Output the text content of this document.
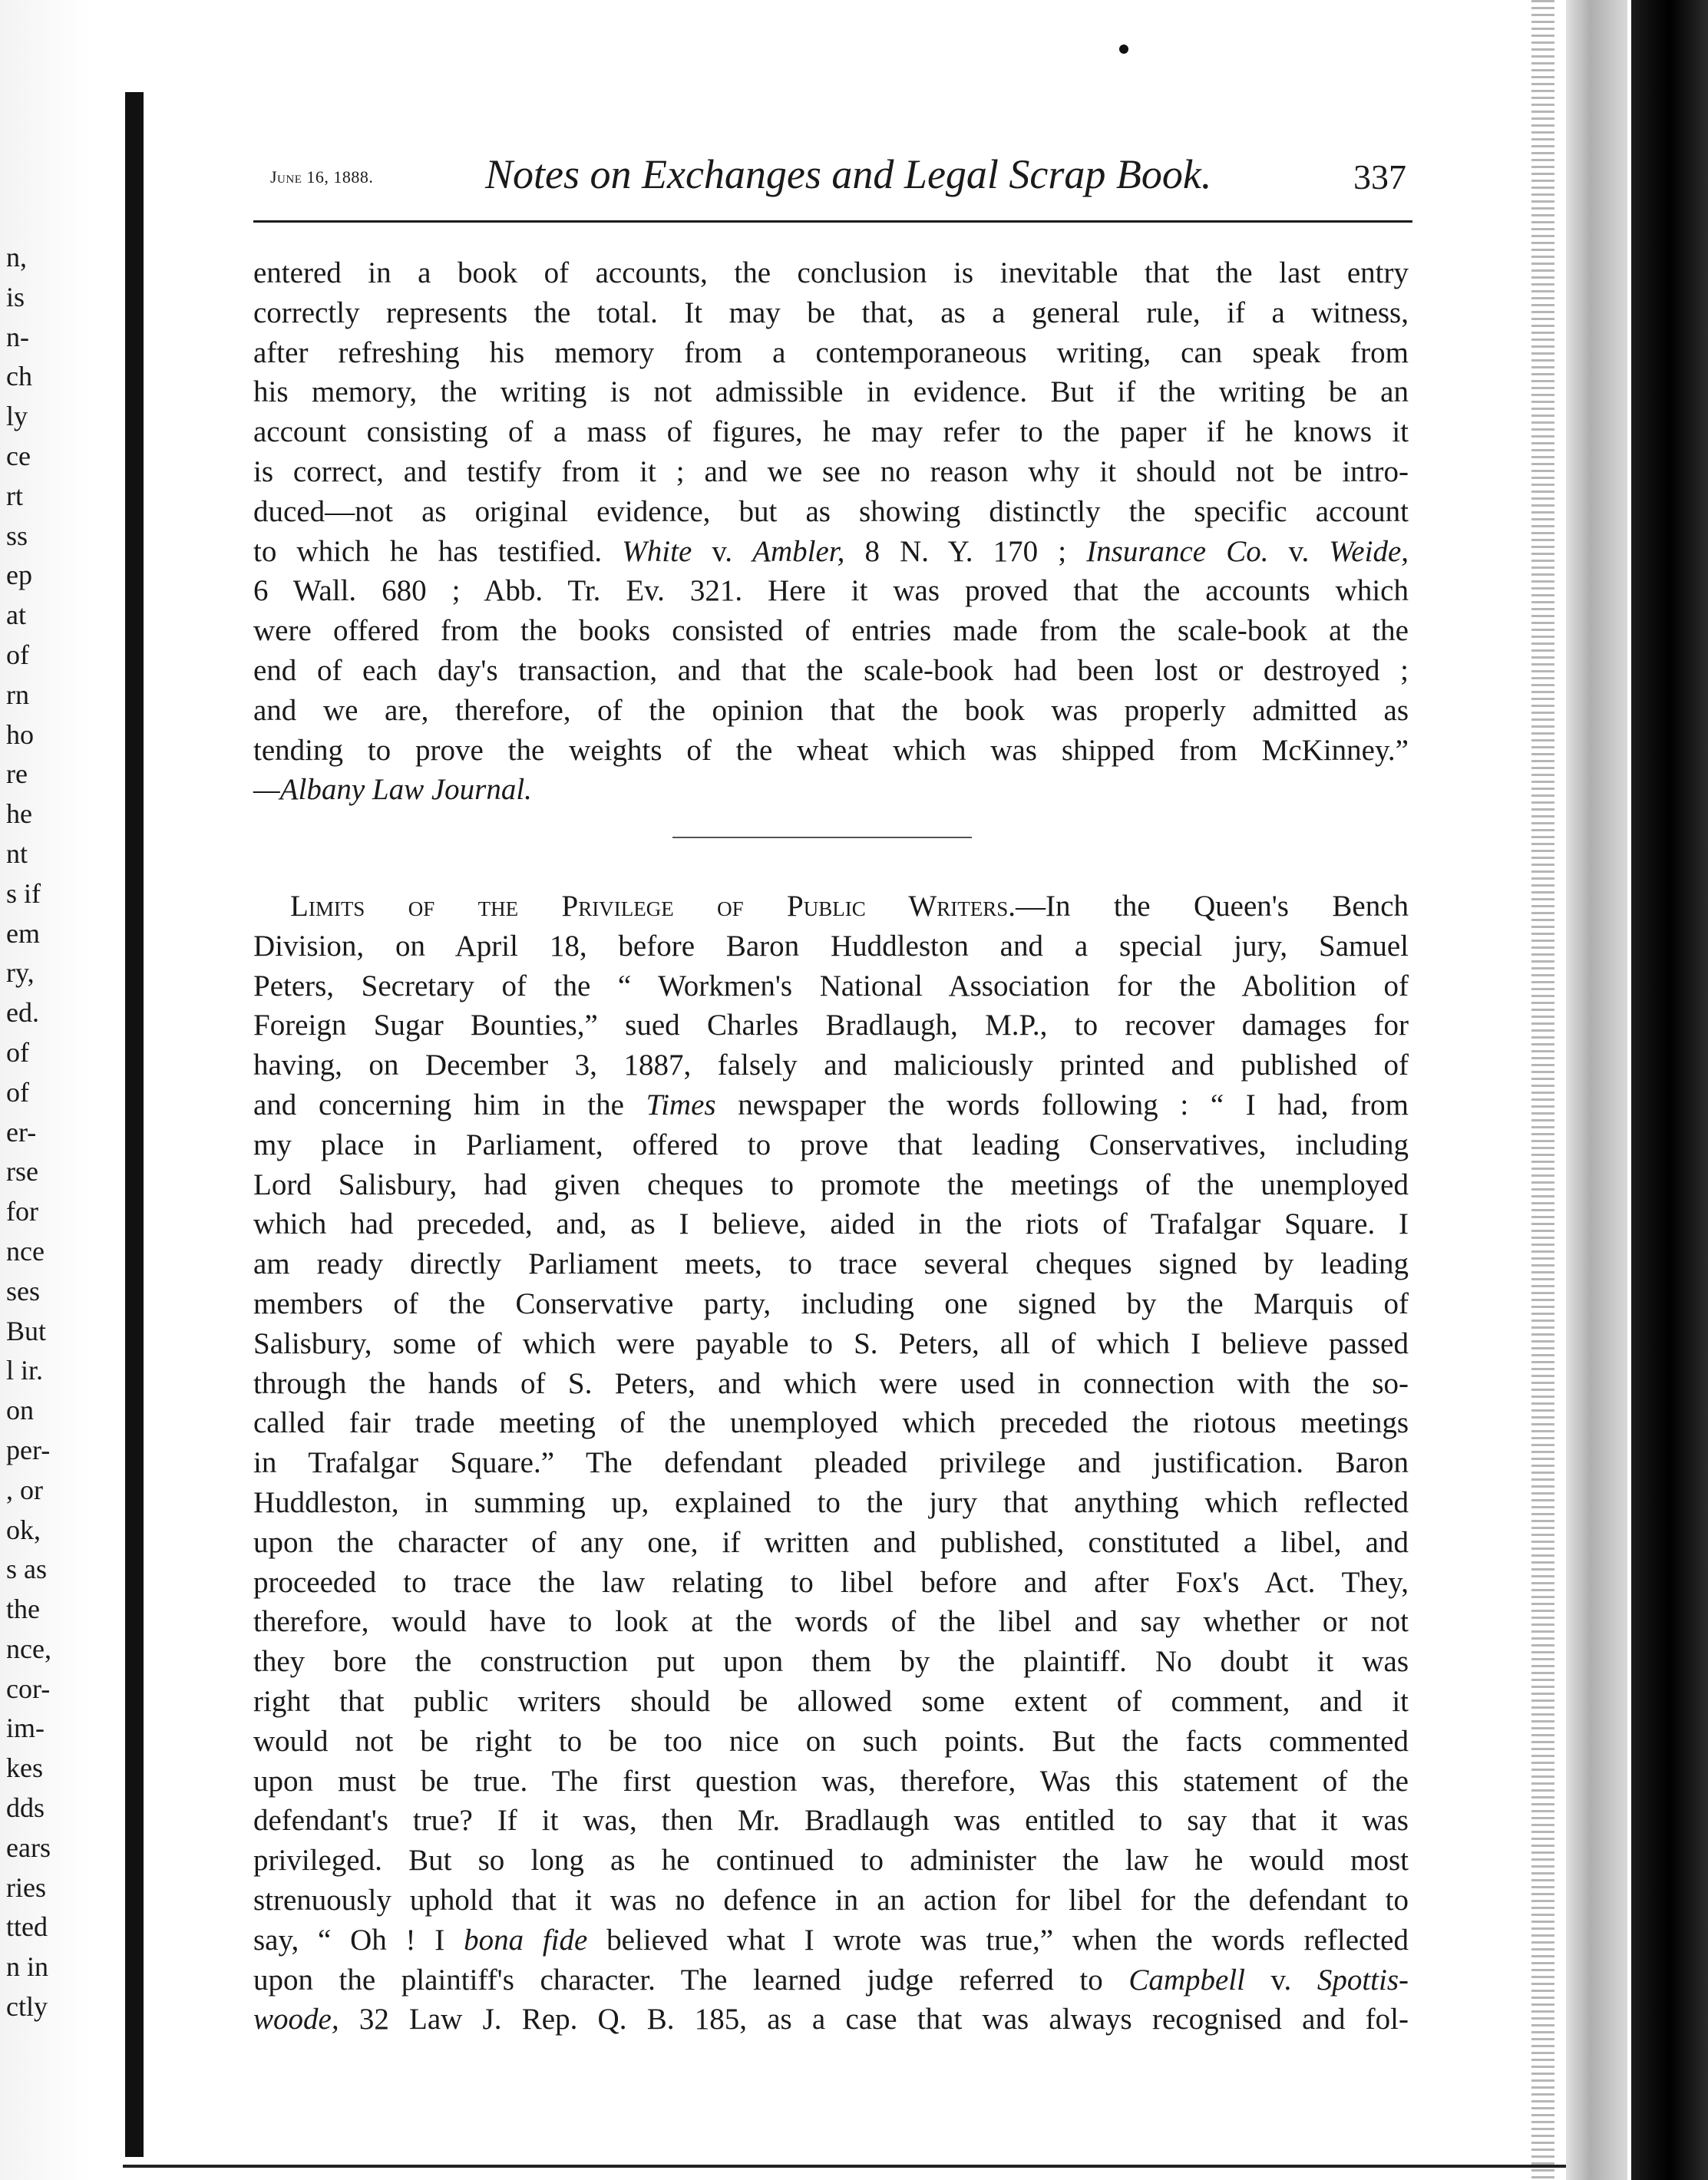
n,
is
n-
ch
ly
ce
rt
ss
ep
at
of
rn
ho
re
he
nt
s if
em
ry,
ed.
of
of
er-
rse
for
nce
ses
But
l ir.
on
per-
, or
ok,
s as
the
nce,
cor-
im-
kes
dds
ears
ries
tted
n in
ctly
June 16, 1888.	Notes on Exchanges and Legal Scrap Book.	337
entered in a book of accounts, the conclusion is inevitable that the last entry
correctly represents the total. It may be that, as a general rule, if a witness,
after refreshing his memory from a contemporaneous writing, can speak from
his memory, the writing is not admissible in evidence. But if the writing be an
account consisting of a mass of figures, he may refer to the paper if he knows it
is correct, and testify from it ; and we see no reason why it should not be intro-
duced—not as original evidence, but as showing distinctly the specific account
to which he has testified. White v. Ambler, 8 N. Y. 170 ; Insurance Co. v. Weide,
6 Wall. 680 ; Abb. Tr. Ev. 321. Here it was proved that the accounts which
were offered from the books consisted of entries made from the scale-book at the
end of each day's transaction, and that the scale-book had been lost or destroyed ;
and we are, therefore, of the opinion that the book was properly admitted as
tending to prove the weights of the wheat which was shipped from McKinney.”
—Albany Law Journal.
Limits of the Privilege of Public Writers.—In the Queen's Bench
Division, on April 18, before Baron Huddleston and a special jury, Samuel
Peters, Secretary of the “ Workmen's National Association for the Abolition of
Foreign Sugar Bounties,” sued Charles Bradlaugh, M.P., to recover damages for
having, on December 3, 1887, falsely and maliciously printed and published of
and concerning him in the Times newspaper the words following : “ I had, from
my place in Parliament, offered to prove that leading Conservatives, including
Lord Salisbury, had given cheques to promote the meetings of the unemployed
which had preceded, and, as I believe, aided in the riots of Trafalgar Square. I
am ready directly Parliament meets, to trace several cheques signed by leading
members of the Conservative party, including one signed by the Marquis of
Salisbury, some of which were payable to S. Peters, all of which I believe passed
through the hands of S. Peters, and which were used in connection with the so-
called fair trade meeting of the unemployed which preceded the riotous meetings
in Trafalgar Square.” The defendant pleaded privilege and justification. Baron
Huddleston, in summing up, explained to the jury that anything which reflected
upon the character of any one, if written and published, constituted a libel, and
proceeded to trace the law relating to libel before and after Fox's Act. They,
therefore, would have to look at the words of the libel and say whether or not
they bore the construction put upon them by the plaintiff. No doubt it was
right that public writers should be allowed some extent of comment, and it
would not be right to be too nice on such points. But the facts commented
upon must be true. The first question was, therefore, Was this statement of the
defendant's true? If it was, then Mr. Bradlaugh was entitled to say that it was
privileged. But so long as he continued to administer the law he would most
strenuously uphold that it was no defence in an action for libel for the defendant to
say, “ Oh ! I bona fide believed what I wrote was true,” when the words reflected
upon the plaintiff's character. The learned judge referred to Campbell v. Spottis-
woode, 32 Law J. Rep. Q. B. 185, as a case that was always recognised and fol-
